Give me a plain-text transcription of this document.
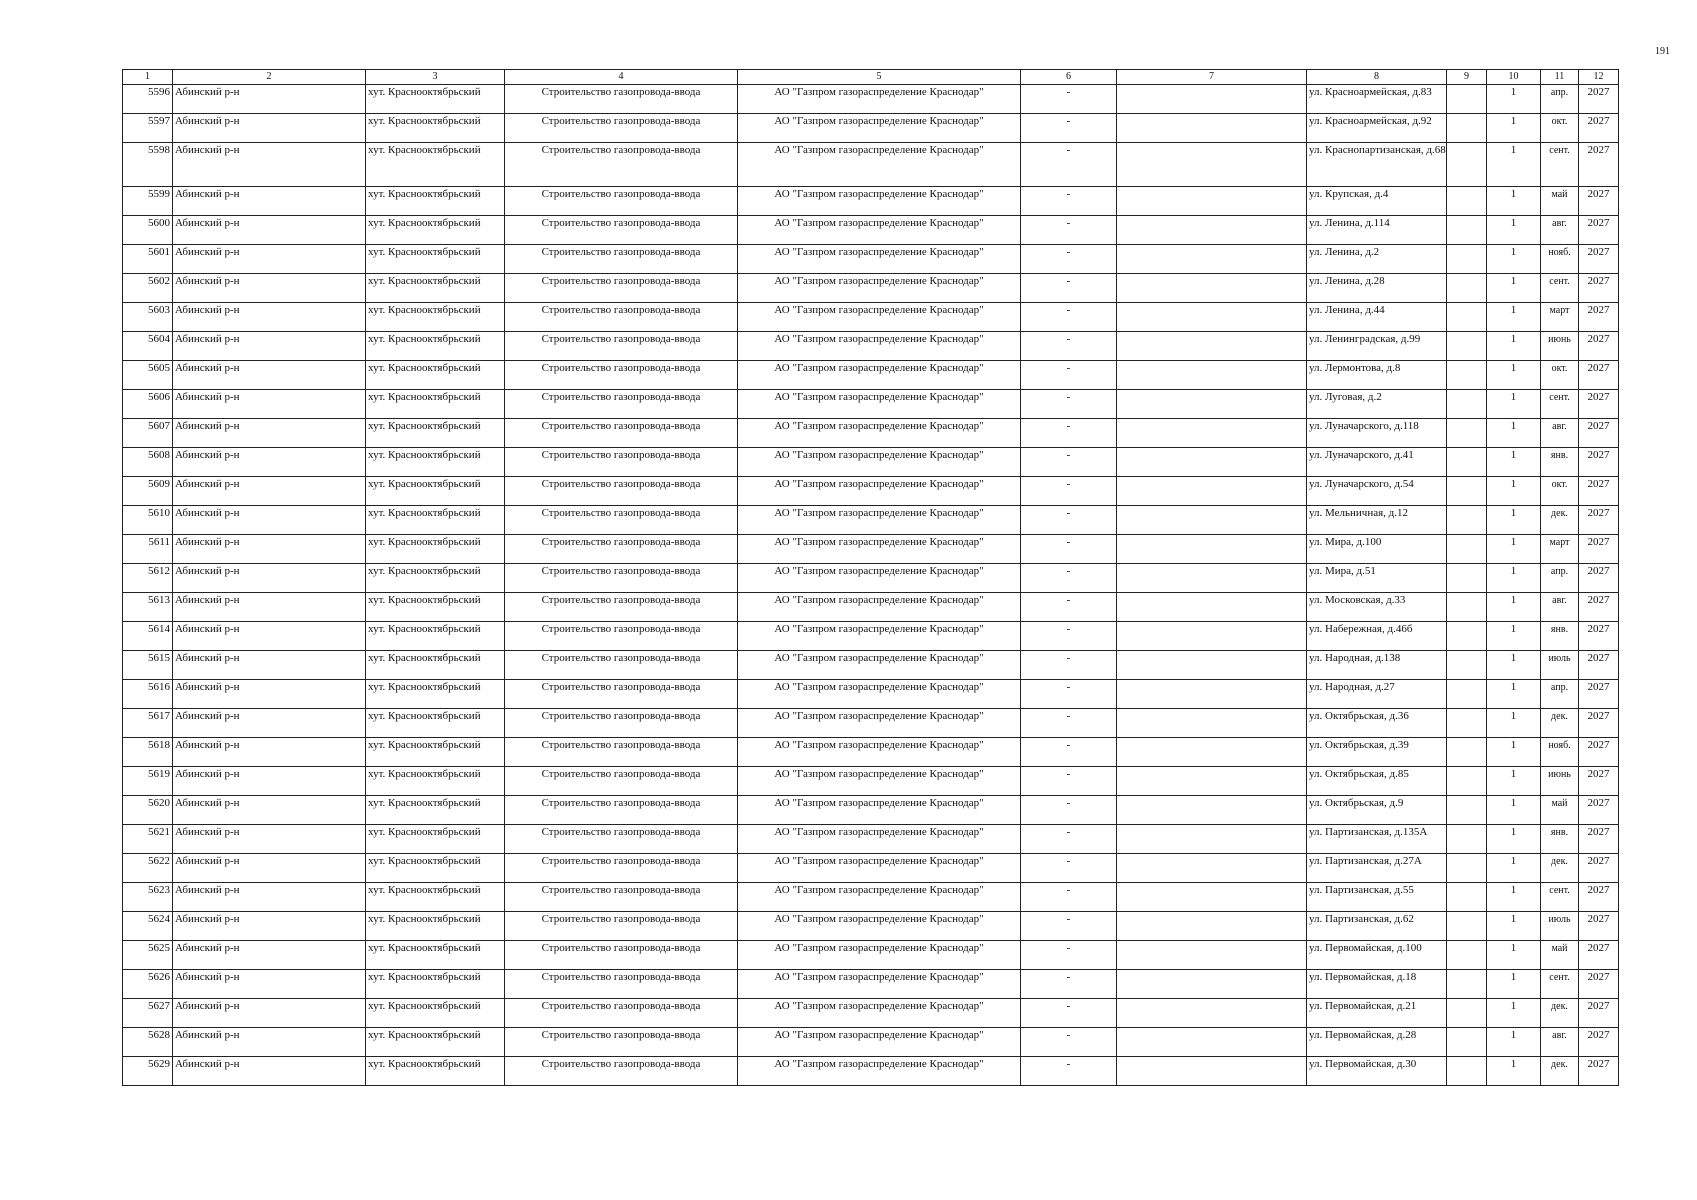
191
1	2	3	4	5	6	7	8	9	10	11	12
5596	Абинский р-н	хут. Краснооктябрьский	Строительство газопровода-ввода	АО "Газпром газораспределение Краснодар"	-		ул. Красноармейская, д.83		1	апр.	2027
5597	Абинский р-н	хут. Краснооктябрьский	Строительство газопровода-ввода	АО "Газпром газораспределение Краснодар"	-		ул. Красноармейская, д.92		1	окт.	2027
5598	Абинский р-н	хут. Краснооктябрьский	Строительство газопровода-ввода	АО "Газпром газораспределение Краснодар"	-		ул. Краснопартизанская, д.68		1	сент.	2027
5599	Абинский р-н	хут. Краснооктябрьский	Строительство газопровода-ввода	АО "Газпром газораспределение Краснодар"	-		ул. Крупская, д.4		1	май	2027
5600	Абинский р-н	хут. Краснооктябрьский	Строительство газопровода-ввода	АО "Газпром газораспределение Краснодар"	-		ул. Ленина, д.114		1	авг.	2027
5601	Абинский р-н	хут. Краснооктябрьский	Строительство газопровода-ввода	АО "Газпром газораспределение Краснодар"	-		ул. Ленина, д.2		1	нояб.	2027
5602	Абинский р-н	хут. Краснооктябрьский	Строительство газопровода-ввода	АО "Газпром газораспределение Краснодар"	-		ул. Ленина, д.28		1	сент.	2027
5603	Абинский р-н	хут. Краснооктябрьский	Строительство газопровода-ввода	АО "Газпром газораспределение Краснодар"	-		ул. Ленина, д.44		1	март	2027
5604	Абинский р-н	хут. Краснооктябрьский	Строительство газопровода-ввода	АО "Газпром газораспределение Краснодар"	-		ул. Ленинградская, д.99		1	июнь	2027
5605	Абинский р-н	хут. Краснооктябрьский	Строительство газопровода-ввода	АО "Газпром газораспределение Краснодар"	-		ул. Лермонтова, д.8		1	окт.	2027
5606	Абинский р-н	хут. Краснооктябрьский	Строительство газопровода-ввода	АО "Газпром газораспределение Краснодар"	-		ул. Луговая, д.2		1	сент.	2027
5607	Абинский р-н	хут. Краснооктябрьский	Строительство газопровода-ввода	АО "Газпром газораспределение Краснодар"	-		ул. Луначарского, д.118		1	авг.	2027
5608	Абинский р-н	хут. Краснооктябрьский	Строительство газопровода-ввода	АО "Газпром газораспределение Краснодар"	-		ул. Луначарского, д.41		1	янв.	2027
5609	Абинский р-н	хут. Краснооктябрьский	Строительство газопровода-ввода	АО "Газпром газораспределение Краснодар"	-		ул. Луначарского, д.54		1	окт.	2027
5610	Абинский р-н	хут. Краснооктябрьский	Строительство газопровода-ввода	АО "Газпром газораспределение Краснодар"	-		ул. Мельничная, д.12		1	дек.	2027
5611	Абинский р-н	хут. Краснооктябрьский	Строительство газопровода-ввода	АО "Газпром газораспределение Краснодар"	-		ул. Мира, д.100		1	март	2027
5612	Абинский р-н	хут. Краснооктябрьский	Строительство газопровода-ввода	АО "Газпром газораспределение Краснодар"	-		ул. Мира, д.51		1	апр.	2027
5613	Абинский р-н	хут. Краснооктябрьский	Строительство газопровода-ввода	АО "Газпром газораспределение Краснодар"	-		ул. Московская, д.33		1	авг.	2027
5614	Абинский р-н	хут. Краснооктябрьский	Строительство газопровода-ввода	АО "Газпром газораспределение Краснодар"	-		ул. Набережная, д.46б		1	янв.	2027
5615	Абинский р-н	хут. Краснооктябрьский	Строительство газопровода-ввода	АО "Газпром газораспределение Краснодар"	-		ул. Народная, д.138		1	июль	2027
5616	Абинский р-н	хут. Краснооктябрьский	Строительство газопровода-ввода	АО "Газпром газораспределение Краснодар"	-		ул. Народная, д.27		1	апр.	2027
5617	Абинский р-н	хут. Краснооктябрьский	Строительство газопровода-ввода	АО "Газпром газораспределение Краснодар"	-		ул. Октябрьская, д.36		1	дек.	2027
5618	Абинский р-н	хут. Краснооктябрьский	Строительство газопровода-ввода	АО "Газпром газораспределение Краснодар"	-		ул. Октябрьская, д.39		1	нояб.	2027
5619	Абинский р-н	хут. Краснооктябрьский	Строительство газопровода-ввода	АО "Газпром газораспределение Краснодар"	-		ул. Октябрьская, д.85		1	июнь	2027
5620	Абинский р-н	хут. Краснооктябрьский	Строительство газопровода-ввода	АО "Газпром газораспределение Краснодар"	-		ул. Октябрьская, д.9		1	май	2027
5621	Абинский р-н	хут. Краснооктябрьский	Строительство газопровода-ввода	АО "Газпром газораспределение Краснодар"	-		ул. Партизанская, д.135А		1	янв.	2027
5622	Абинский р-н	хут. Краснооктябрьский	Строительство газопровода-ввода	АО "Газпром газораспределение Краснодар"	-		ул. Партизанская, д.27А		1	дек.	2027
5623	Абинский р-н	хут. Краснооктябрьский	Строительство газопровода-ввода	АО "Газпром газораспределение Краснодар"	-		ул. Партизанская, д.55		1	сент.	2027
5624	Абинский р-н	хут. Краснооктябрьский	Строительство газопровода-ввода	АО "Газпром газораспределение Краснодар"	-		ул. Партизанская, д.62		1	июль	2027
5625	Абинский р-н	хут. Краснооктябрьский	Строительство газопровода-ввода	АО "Газпром газораспределение Краснодар"	-		ул. Первомайская, д.100		1	май	2027
5626	Абинский р-н	хут. Краснооктябрьский	Строительство газопровода-ввода	АО "Газпром газораспределение Краснодар"	-		ул. Первомайская, д.18		1	сент.	2027
5627	Абинский р-н	хут. Краснооктябрьский	Строительство газопровода-ввода	АО "Газпром газораспределение Краснодар"	-		ул. Первомайская, д.21		1	дек.	2027
5628	Абинский р-н	хут. Краснооктябрьский	Строительство газопровода-ввода	АО "Газпром газораспределение Краснодар"	-		ул. Первомайская, д.28		1	авг.	2027
5629	Абинский р-н	хут. Краснооктябрьский	Строительство газопровода-ввода	АО "Газпром газораспределение Краснодар"	-		ул. Первомайская, д.30		1	дек.	2027
